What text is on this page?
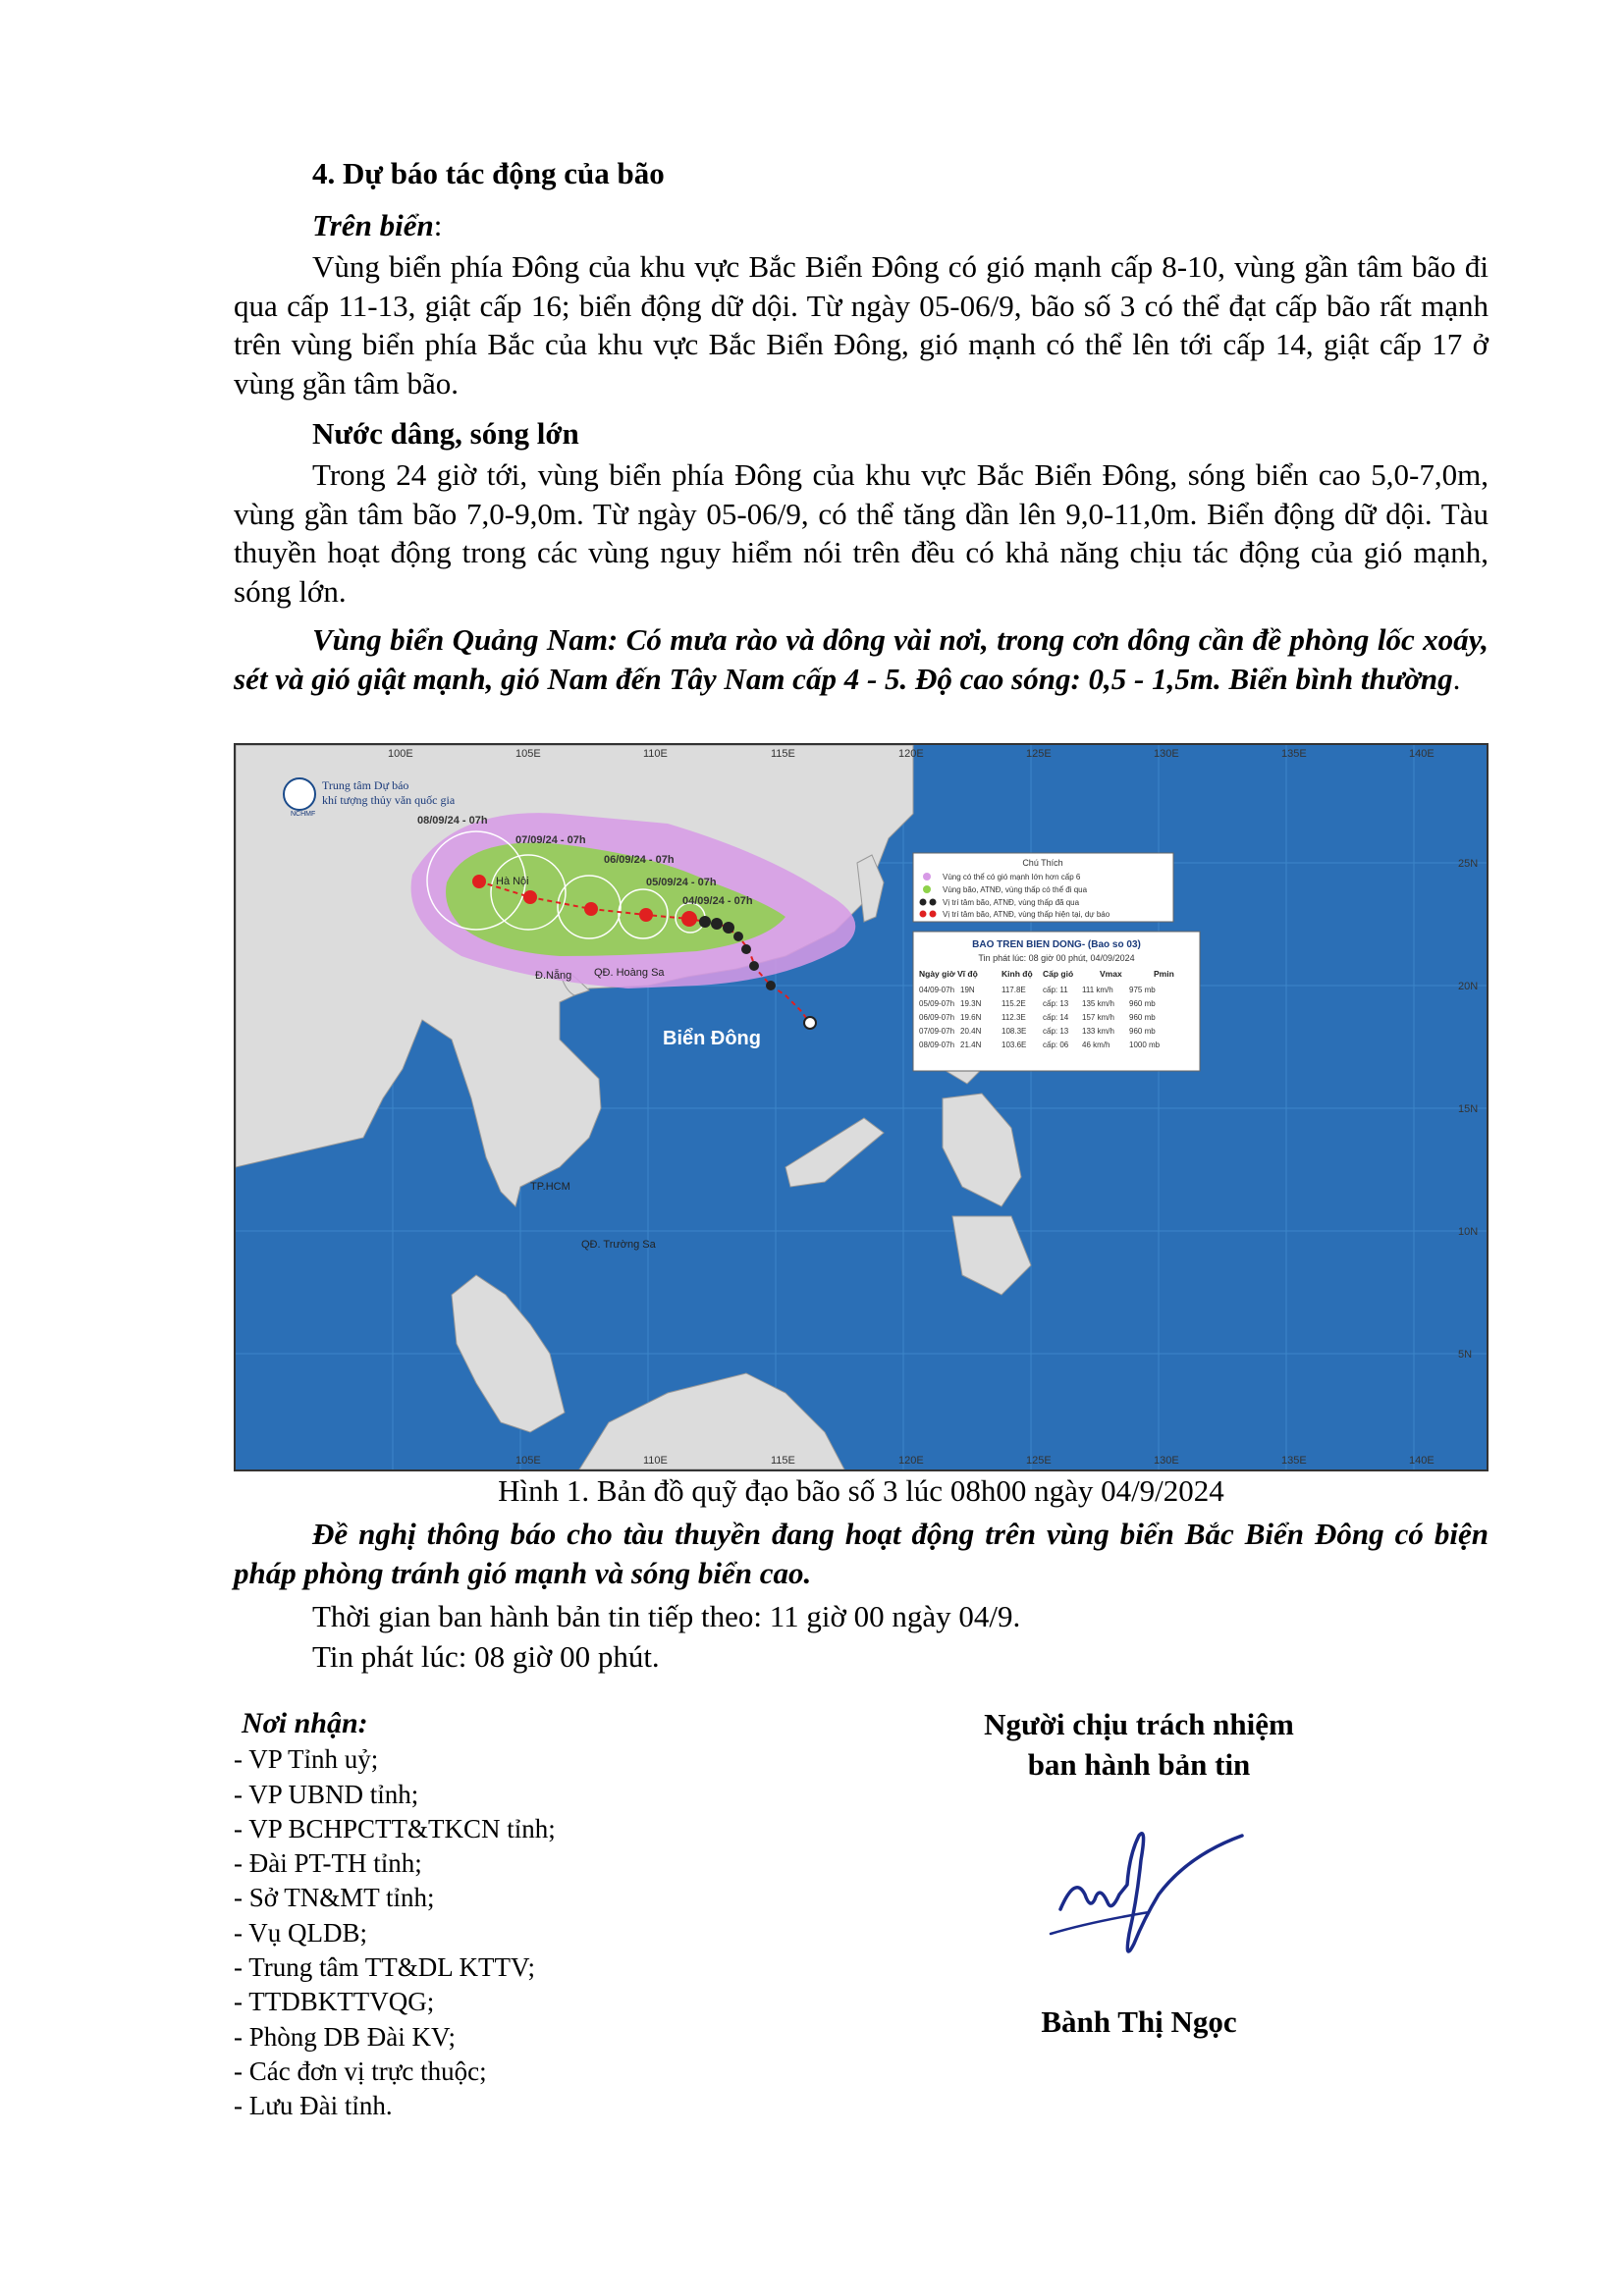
4. Dự báo tác động của bão
Trên biển:

Vùng biển phía Đông của khu vực Bắc Biển Đông có gió mạnh cấp 8-10, vùng gần tâm bão đi qua cấp 11-13, giật cấp 16; biển động dữ dội. Từ ngày 05-06/9, bão số 3 có thể đạt cấp bão rất mạnh trên vùng biển phía Bắc của khu vực Bắc Biển Đông, gió mạnh có thể lên tới cấp 14, giật cấp 17 ở vùng gần tâm bão.

Nước dâng, sóng lớn

Trong 24 giờ tới, vùng biển phía Đông của khu vực Bắc Biển Đông, sóng biển cao 5,0-7,0m, vùng gần tâm bão 7,0-9,0m. Từ ngày 05-06/9, có thể tăng dần lên 9,0-11,0m. Biển động dữ dội. Tàu thuyền hoạt động trong các vùng nguy hiểm nói trên đều có khả năng chịu tác động của gió mạnh, sóng lớn.

Vùng biển Quảng Nam: Có mưa rào và dông vài nơi, trong cơn dông cần đề phòng lốc xoáy, sét và gió giật mạnh, gió Nam đến Tây Nam cấp 4 - 5. Độ cao sóng: 0,5 - 1,5m. Biển bình thường.

100E	105E	110E	115E	120E	125E	130E	135E	140E
105E	110E	115E	120E	125E	130E	135E	140E
25N
20N
15N
10N
5N
NCHMF
Trung tâm Dự báo
khí tượng thủy văn quốc gia
08/09/24 - 07h
07/09/24 - 07h
06/09/24 - 07h
05/09/24 - 07h
04/09/24 - 07h
Hà Nội
Đ.Nẵng QĐ. Hoàng Sa
TP.HCM
QĐ. Trường Sa
Biển Đông
Chú Thích
Vùng có thể có gió mạnh lớn hơn cấp 6
Vùng bão, ATNĐ, vùng thấp có thể đi qua
Vị trí tâm bão, ATNĐ, vùng thấp đã qua
Vị trí tâm bão, ATNĐ, vùng thấp hiện tại, dự báo
BAO TREN BIEN DONG- (Bao so 03)
Tin phát lúc: 08 giờ 00 phút, 04/09/2024
Ngày giờ Vĩ độ	Kinh độ Cấp gió	Vmax	Pmin
04/09-07h 19N	117.8E cấp: 11 111 km/h 975 mb
05/09-07h 19.3N	115.2E cấp: 13 135 km/h 960 mb
06/09-07h 19.6N	112.3E cấp: 14 157 km/h 960 mb
07/09-07h 20.4N	108.3E cấp: 13 133 km/h 960 mb
08/09-07h 21.4N	103.6E cấp: 06 46 km/h 1000 mb
Hình 1. Bản đồ quỹ đạo bão số 3 lúc 08h00 ngày 04/9/2024

Đề nghị thông báo cho tàu thuyền đang hoạt động trên vùng biển Bắc Biển Đông có biện pháp phòng tránh gió mạnh và sóng biển cao.

Thời gian ban hành bản tin tiếp theo: 11 giờ 00 ngày 04/9.
Tin phát lúc: 08 giờ 00 phút.
Nơi nhận:
- VP Tỉnh uỷ;
- VP UBND tỉnh;
- VP BCHPCTT&TKCN tỉnh;
- Đài PT-TH tỉnh;
- Sở TN&MT tỉnh;
- Vụ QLDB;
- Trung tâm TT&DL KTTV;
- TTDBKTTVQG;
- Phòng DB Đài KV;
- Các đơn vị trực thuộc;
- Lưu Đài tỉnh.
Người chịu trách nhiệm
ban hành bản tin
Bành Thị Ngọc
